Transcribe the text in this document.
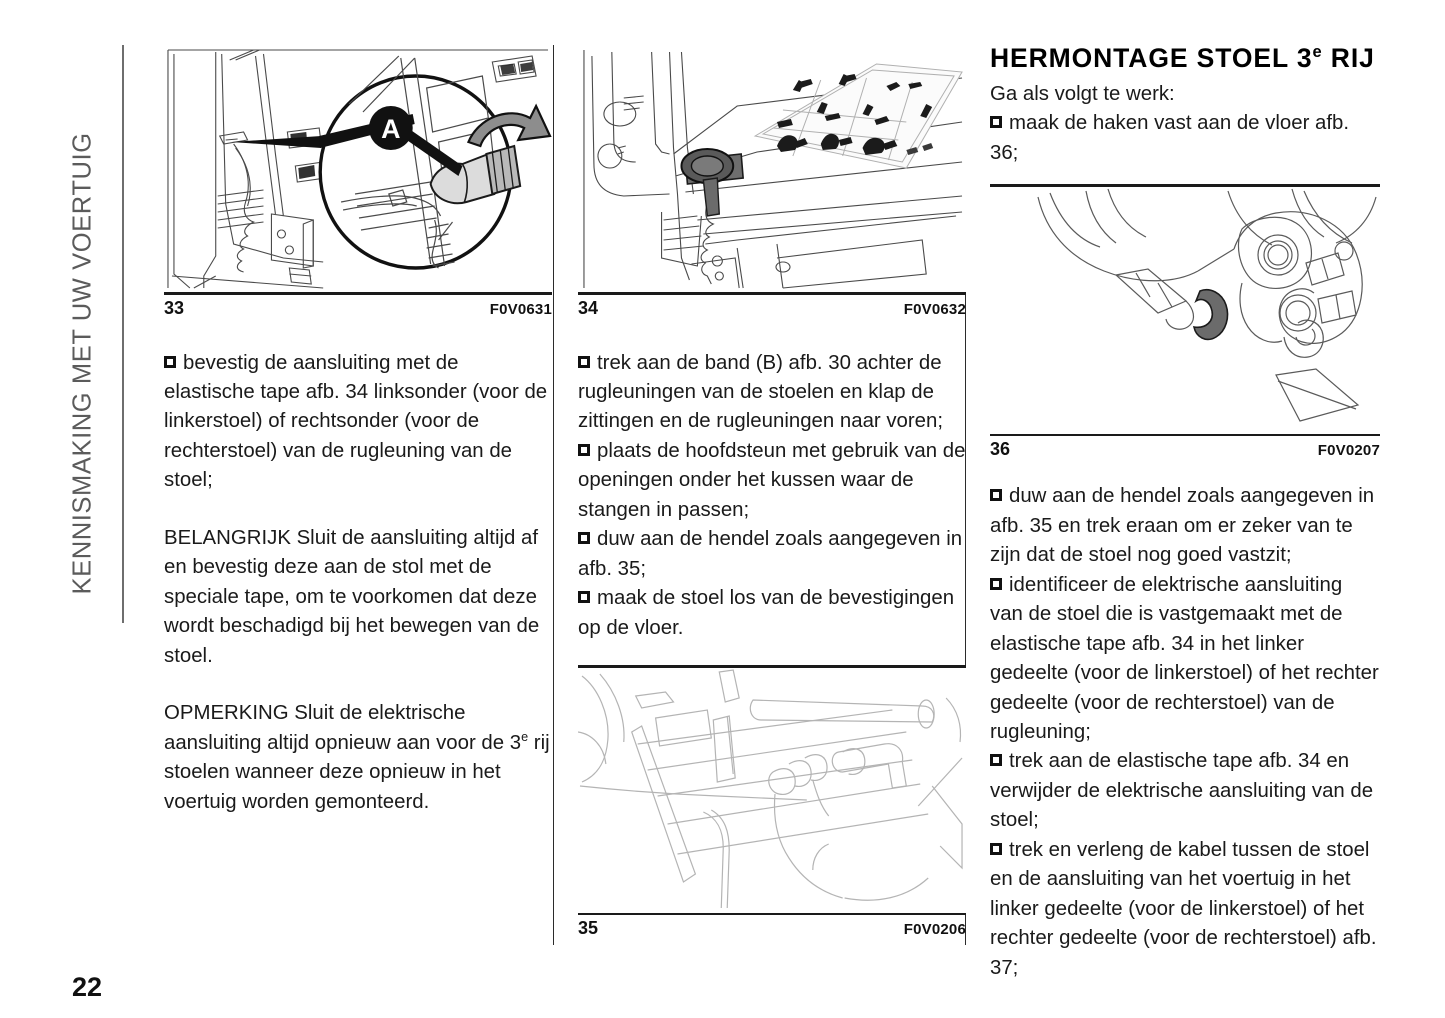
KENNISMAKING MET UW VOERTUIG
A
33	F0V0631

bevestig de aansluiting met de elastische tape afb. 34 linksonder (voor de linkerstoel) of rechtsonder (voor de rechterstoel) van de rugleuning van de stoel;

BELANGRIJK Sluit de aansluiting altijd af en bevestig deze aan de stol met de speciale tape, om te voorkomen dat deze wordt beschadigd bij het bewegen van de stoel.

OPMERKING Sluit de elektrische aansluiting altijd opnieuw aan voor de 3e rij stoelen wanneer deze opnieuw in het voertuig worden gemonteerd.

34	F0V0632

trek aan de band (B) afb. 30 achter de rugleuningen van de stoelen en klap de zittingen en de rugleuningen naar voren;

plaats de hoofdsteun met gebruik van de openingen onder het kussen waar de stangen in passen;

duw aan de hendel zoals aangegeven in afb. 35;

maak de stoel los van de bevestigingen op de vloer.

35	F0V0206
HERMONTAGE STOEL 3e RIJ

Ga als volgt te werk:

maak de haken vast aan de vloer afb. 36;

36	F0V0207

duw aan de hendel zoals aangegeven in afb. 35 en trek eraan om er zeker van te zijn dat de stoel nog goed vastzit;

identificeer de elektrische aansluiting van de stoel die is vastgemaakt met de elastische tape afb. 34 in het linker gedeelte (voor de linkerstoel) of het rechter gedeelte (voor de rechterstoel) van de rugleuning;

trek aan de elastische tape afb. 34 en verwijder de elektrische aansluiting van de stoel;

trek en verleng de kabel tussen de stoel en de aansluiting van het voertuig in het linker gedeelte (voor de linkerstoel) of het rechter gedeelte (voor de rechterstoel) afb. 37;

22
